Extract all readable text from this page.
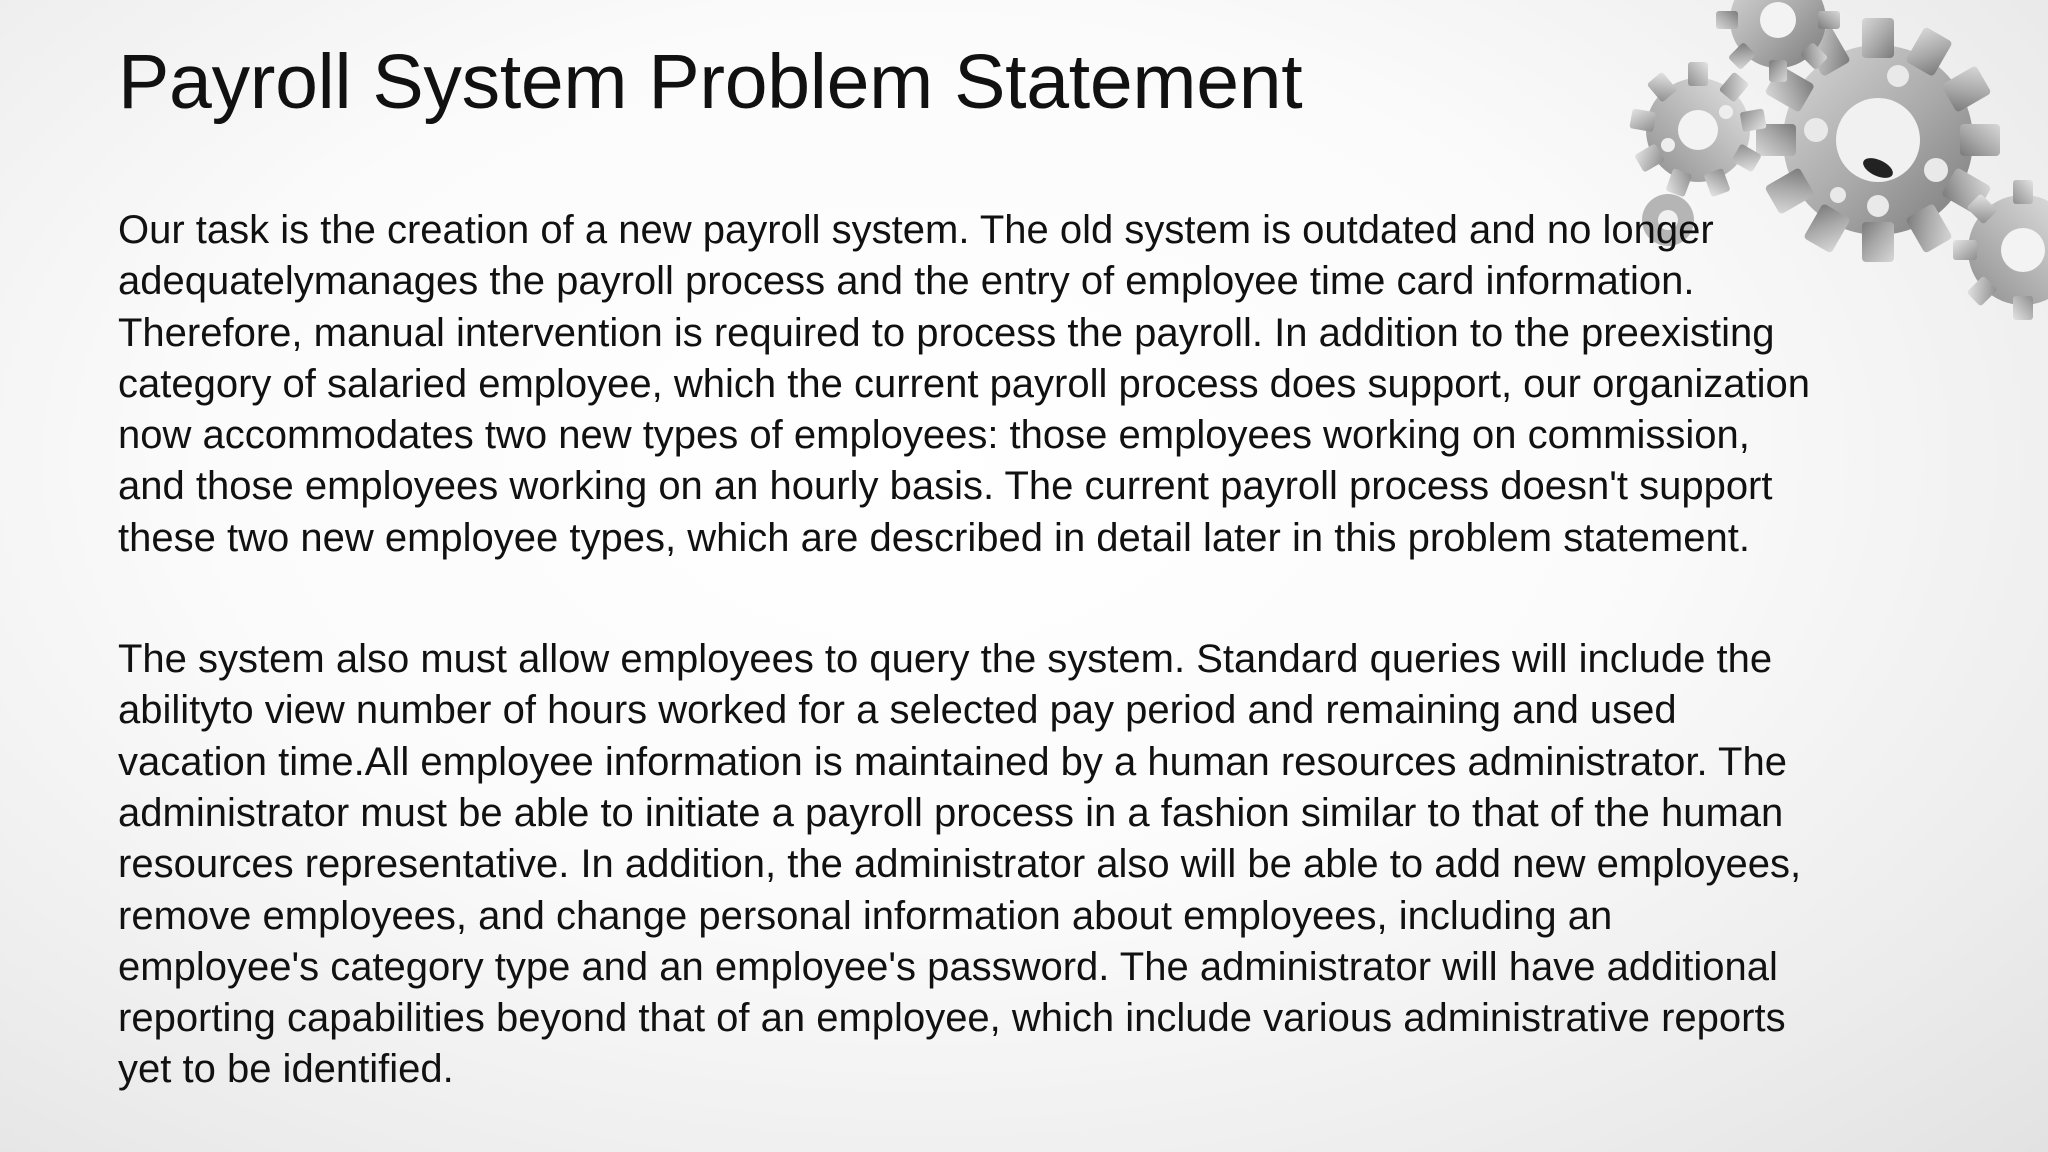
Payroll System Problem Statement

Our task is the creation of a new payroll system. The old system is outdated and no longer
adequatelymanages the payroll process and the entry of employee time card information.
Therefore, manual intervention is required to process the payroll. In addition to the preexisting
category of salaried employee, which the current payroll process does support, our organization
now accommodates two new types of employees: those employees working on commission,
and those employees working on an hourly basis. The current payroll process doesn't support
these two new employee types, which are described in detail later in this problem statement.

The system also must allow employees to query the system. Standard queries will include the
abilityto view number of hours worked for a selected pay period and remaining and used
vacation time.All employee information is maintained by a human resources administrator. The
administrator must be able to initiate a payroll process in a fashion similar to that of the human
resources representative. In addition, the administrator also will be able to add new employees,
remove employees, and change personal information about employees, including an
employee's category type and an employee's password. The administrator will have additional
reporting capabilities beyond that of an employee, which include various administrative reports
yet to be identified.
